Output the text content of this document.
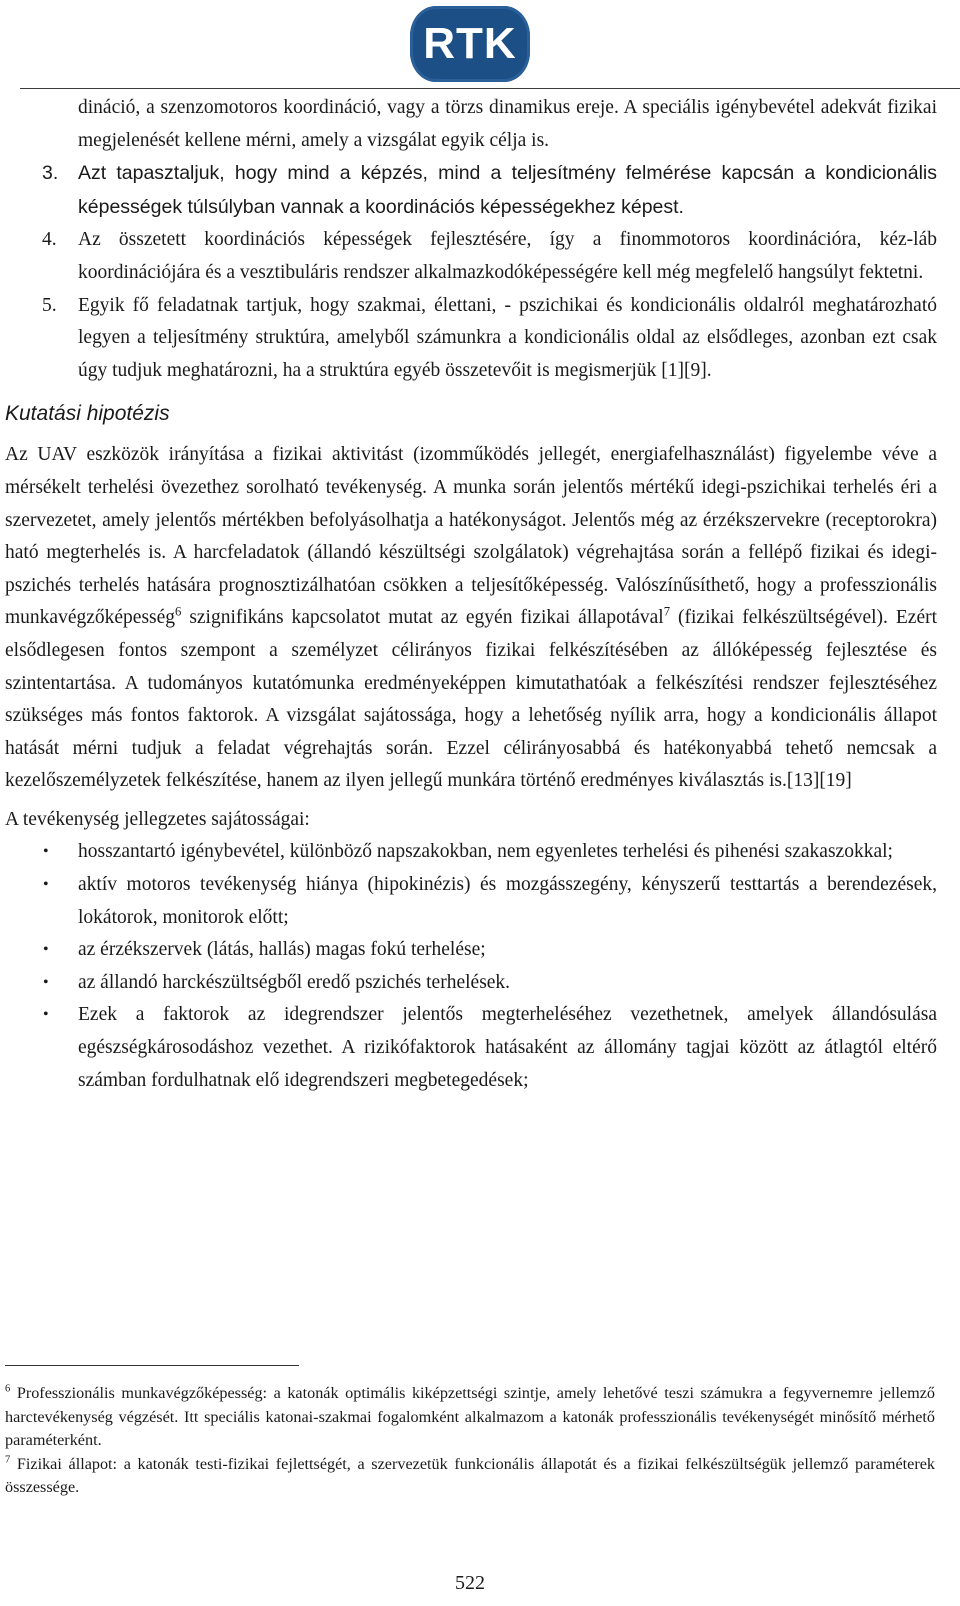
RTK
dináció, a szenzomotoros koordináció, vagy a törzs dinamikus ereje. A speciális igénybevétel adekvát fizikai megjelenését kellene mérni, amely a vizsgálat egyik célja is.
3. Azt tapasztaljuk, hogy mind a képzés, mind a teljesítmény felmérése kapcsán a kondicionális képességek túlsúlyban vannak a koordinációs képességekhez képest.
4. Az összetett koordinációs képességek fejlesztésére, így a finommotoros koordinációra, kéz-láb koordinációjára és a vesztibuláris rendszer alkalmazkodóképességére kell még megfelelő hangsúlyt fektetni.
5. Egyik fő feladatnak tartjuk, hogy szakmai, élettani, - pszichikai és kondicionális oldalról meghatározható legyen a teljesítmény struktúra, amelyből számunkra a kondicionális oldal az elsődleges, azonban ezt csak úgy tudjuk meghatározni, ha a struktúra egyéb összetevőit is megismerjük [1][9].
Kutatási hipotézis

Az UAV eszközök irányítása a fizikai aktivitást (izomműködés jellegét, energiafelhasználást) figyelembe véve a mérsékelt terhelési övezethez sorolható tevékenység. A munka során jelentős mértékű idegi-pszichikai terhelés éri a szervezetet, amely jelentős mértékben befolyásolhatja a hatékonyságot. Jelentős még az érzékszervekre (receptorokra) ható megterhelés is. A harcfeladatok (állandó készültségi szolgálatok) végrehajtása során a fellépő fizikai és idegi-pszichés terhelés hatására prognosztizálhatóan csökken a teljesítőképesség. Valószínűsíthető, hogy a professzionális munkavégzőképesség$^6$ szignifikáns kapcsolatot mutat az egyén fizikai állapotával$^7$ (fizikai felkészültségével). Ezért elsődlegesen fontos szempont a személyzet célirányos fizikai felkészítésében az állóképesség fejlesztése és szintentartása. A tudományos kutatómunka eredményeképpen kimutathatóak a felkészítési rendszer fejlesztéséhez szükséges más fontos faktorok. A vizsgálat sajátossága, hogy a lehetőség nyílik arra, hogy a kondicionális állapot hatását mérni tudjuk a feladat végrehajtás során. Ezzel célirányosabbá és hatékonyabbá tehető nemcsak a kezelőszemélyzetek felkészítése, hanem az ilyen jellegű munkára történő eredményes kiválasztás is.[13][19]

A tevékenység jellegzetes sajátosságai:

• hosszantartó igénybevétel, különböző napszakokban, nem egyenletes terhelési és pihenési szakaszokkal;
• aktív motoros tevékenység hiánya (hipokinézis) és mozgásszegény, kényszerű testtartás a berendezések, lokátorok, monitorok előtt;
• az érzékszervek (látás, hallás) magas fokú terhelése;
• az állandó harckészültségből eredő pszichés terhelések.
• Ezek a faktorok az idegrendszer jelentős megterheléséhez vezethetnek, amelyek állandósulása egészségkárosodáshoz vezethet. A rizikófaktorok hatásaként az állomány tagjai között az átlagtól eltérő számban fordulhatnak elő idegrendszeri megbetegedések;

$^6$ Professzionális munkavégzőképesség: a katonák optimális kiképzettségi szintje, amely lehetővé teszi számukra a fegyvernemre jellemző harctevékenység végzését. Itt speciális katonai-szakmai fogalomként alkalmazom a katonák professzionális tevékenységét minősítő mérhető paraméterként.

$^7$ Fizikai állapot: a katonák testi-fizikai fejlettségét, a szervezetük funkcionális állapotát és a fizikai felkészültségük jellemző paraméterek összessége.

522
